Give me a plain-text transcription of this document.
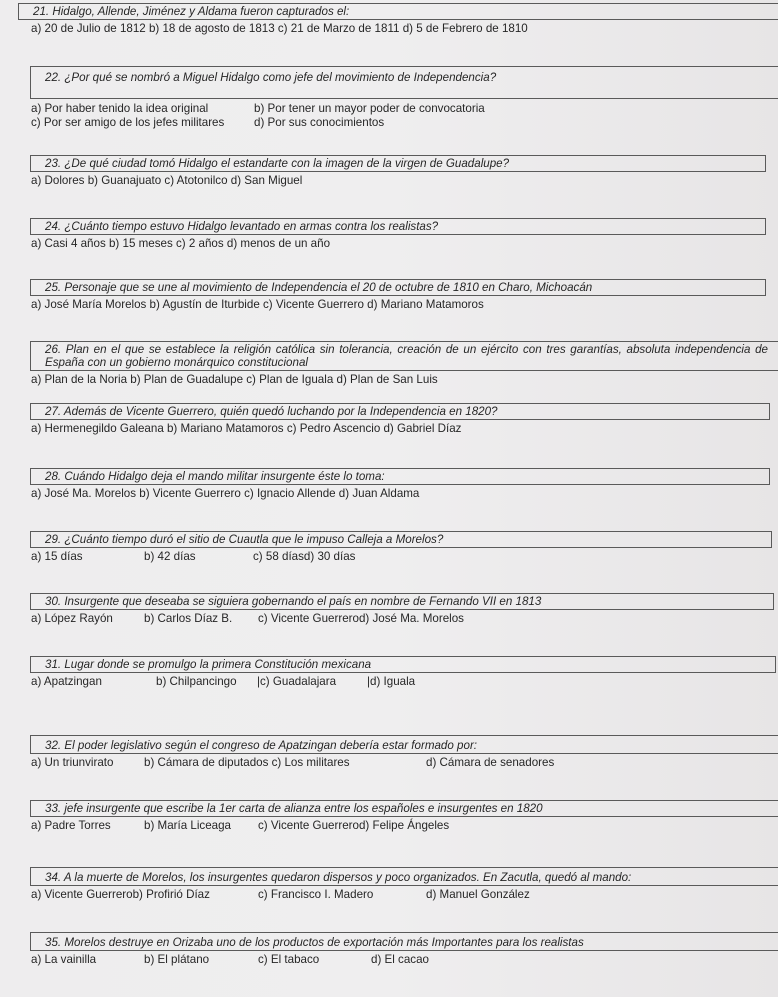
21. Hidalgo, Allende, Jiménez y Aldama fueron capturados el:
a) 20 de Julio de 1812 b) 18 de agosto de 1813 c) 21 de Marzo de 1811 d) 5 de Febrero de 1810
22. ¿Por qué se nombró a Miguel Hidalgo como jefe del movimiento de Independencia?
a) Por haber tenido la idea original	b) Por tener un mayor poder de convocatoria
c) Por ser amigo de los jefes militares	d) Por sus conocimientos
23. ¿De qué ciudad tomó Hidalgo el estandarte con la imagen de la virgen de Guadalupe?
a) Dolores b) Guanajuato c) Atotonilco d) San Miguel
24. ¿Cuánto tiempo estuvo Hidalgo levantado en armas contra los realistas?
a) Casi 4 años b) 15 meses c) 2 años d) menos de un año
25. Personaje que se une al movimiento de Independencia el 20 de octubre de 1810 en Charo, Michoacán
a) José María Morelos b) Agustín de Iturbide c) Vicente Guerrero d) Mariano Matamoros
26. Plan en el que se establece la religión católica sin tolerancia, creación de un ejército con tres garantías, absoluta independencia de España con un gobierno monárquico constitucional
a) Plan de la Noria b) Plan de Guadalupe c) Plan de Iguala d) Plan de San Luis
27. Además de Vicente Guerrero, quién quedó luchando por la Independencia en 1820?
a) Hermenegildo Galeana b) Mariano Matamoros c) Pedro Ascencio d) Gabriel Díaz
28. Cuándo Hidalgo deja el mando militar insurgente éste lo toma:
a) José Ma. Morelos b) Vicente Guerrero c) Ignacio Allende d) Juan Aldama
29. ¿Cuánto tiempo duró el sitio de Cuautla que le impuso Calleja a Morelos?
a) 15 días	b) 42 días	c) 58 díasd) 30 días
30. Insurgente que deseaba se siguiera gobernando el país en nombre de Fernando VII en 1813
a) López Rayón	b) Carlos Díaz B. c) Vicente Guerrerod) José Ma. Morelos
31. Lugar donde se promulgo la primera Constitución mexicana
a) Apatzingan	b) Chilpancingo |c) Guadalajara	|d) Iguala
32. El poder legislativo según el congreso de Apatzingan debería estar formado por:
a) Un triunvirato	b) Cámara de diputados c) Los militares	d) Cámara de senadores
33. jefe insurgente que escribe la 1er carta de alianza entre los españoles e insurgentes en 1820
a) Padre Torres	b) María Liceaga c) Vicente Guerrerod) Felipe Ángeles
34. A la muerte de Morelos, los insurgentes quedaron dispersos y poco organizados. En Zacutla, quedó al mando:
a) Vicente Guerrerob) Profirió Díaz	c) Francisco I. Madero	d) Manuel González
35. Morelos destruye en Orizaba uno de los productos de exportación más Importantes para los realistas
a) La vainilla	b) El plátano	c) El tabaco	d) El cacao
